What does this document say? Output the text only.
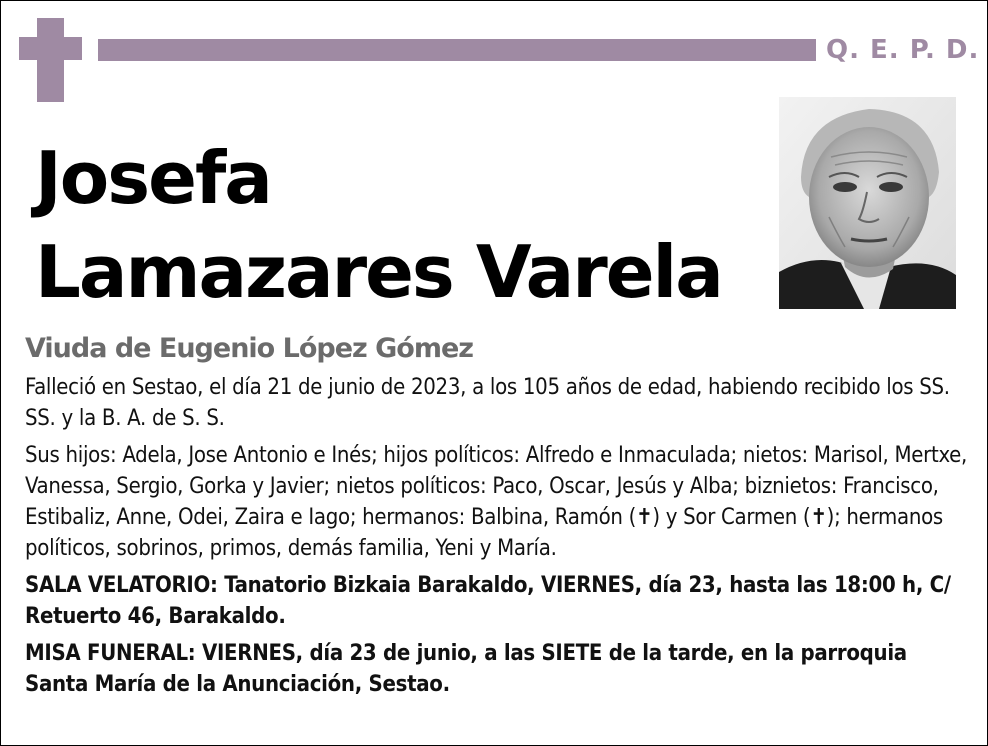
Q. E. P. D.
Josefa
Lamazares Varela
Viuda de Eugenio López Gómez

Falleció en Sestao, el día 21 de junio de 2023, a los 105 años de edad, habiendo recibido los SS. SS. y la B. A. de S. S.

Sus hijos: Adela, Jose Antonio e Inés; hijos políticos: Alfredo e Inmaculada; nietos: Marisol, Mertxe, Vanessa, Sergio, Gorka y Javier; nietos políticos: Paco, Oscar, Jesús y Alba; biznietos: Francisco, Estibaliz, Anne, Odei, Zaira e Iago; hermanos: Balbina, Ramón (✝) y Sor Carmen (✝); hermanos políticos, sobrinos, primos, demás familia, Yeni y María.

SALA VELATORIO: Tanatorio Bizkaia Barakaldo, VIERNES, día 23, hasta las 18:00 h, C/ Retuerto 46, Barakaldo.

MISA FUNERAL: VIERNES, día 23 de junio, a las SIETE de la tarde, en la parroquia Santa María de la Anunciación, Sestao.
